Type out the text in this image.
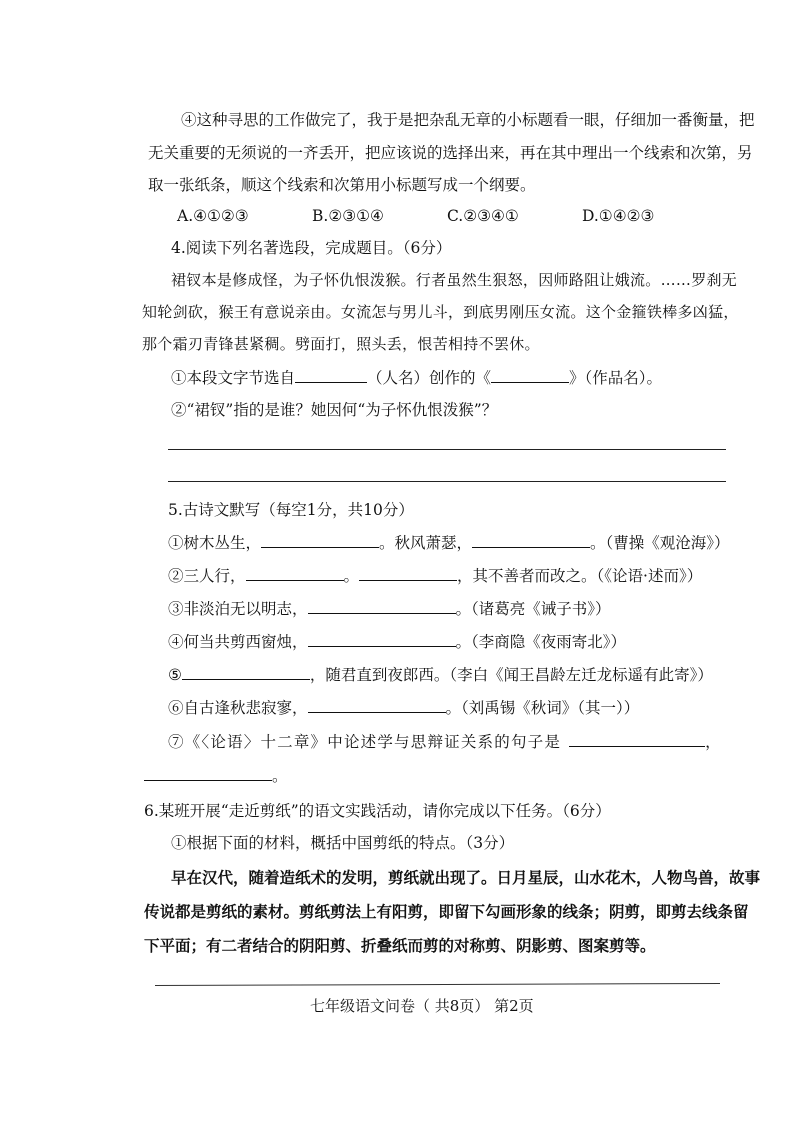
④这种寻思的工作做完了，我于是把杂乱无章的小标题看一眼，仔细加一番衡量，把
无关重要的无须说的一齐丢开，把应该说的选择出来，再在其中理出一个线索和次第，另
取一张纸条，顺这个线索和次第用小标题写成一个纲要。
A.④①②③	B.②③①④	C.②③④①	D.①④②③
4.阅读下列名著选段，完成题目。（6分）
裙钗本是修成怪，为子怀仇恨泼猴。行者虽然生狠怒，因师路阻让娥流。……罗刹无
知轮剑砍，猴王有意说亲由。女流怎与男儿斗，到底男刚压女流。这个金箍铁棒多凶猛，
那个霜刃青锋甚紧稠。劈面打，照头丢，恨苦相持不罢休。
①本段文字节选自	（人名）创作的《	》（作品名）。
②“裙钗”指的是谁？她因何“为子怀仇恨泼猴”？
5.古诗文默写（每空1分，共10分）
①树木丛生，	。秋风萧瑟，	。（曹操《观沧海》）
②三人行，	。	，其不善者而改之。（《论语·述而》）
③非淡泊无以明志，	。（诸葛亮《诫子书》）
④何当共剪西窗烛，	。（李商隐《夜雨寄北》）
⑤	，随君直到夜郎西。（李白《闻王昌龄左迁龙标遥有此寄》）
⑥自古逢秋悲寂寥，	。（刘禹锡《秋词》（其一））
⑦《〈论语〉十二章》中论述学与思辩证关系的句子是	，
。
6.某班开展“走近剪纸”的语文实践活动，请你完成以下任务。（6分）
①根据下面的材料，概括中国剪纸的特点。（3分）
早在汉代，随着造纸术的发明，剪纸就出现了。日月星辰，山水花木，人物鸟兽，故事
传说都是剪纸的素材。剪纸剪法上有阳剪，即留下勾画形象的线条；阴剪，即剪去线条留
下平面；有二者结合的阴阳剪、折叠纸而剪的对称剪、阴影剪、图案剪等。
七年级语文问卷（ 共8页） 第2页
